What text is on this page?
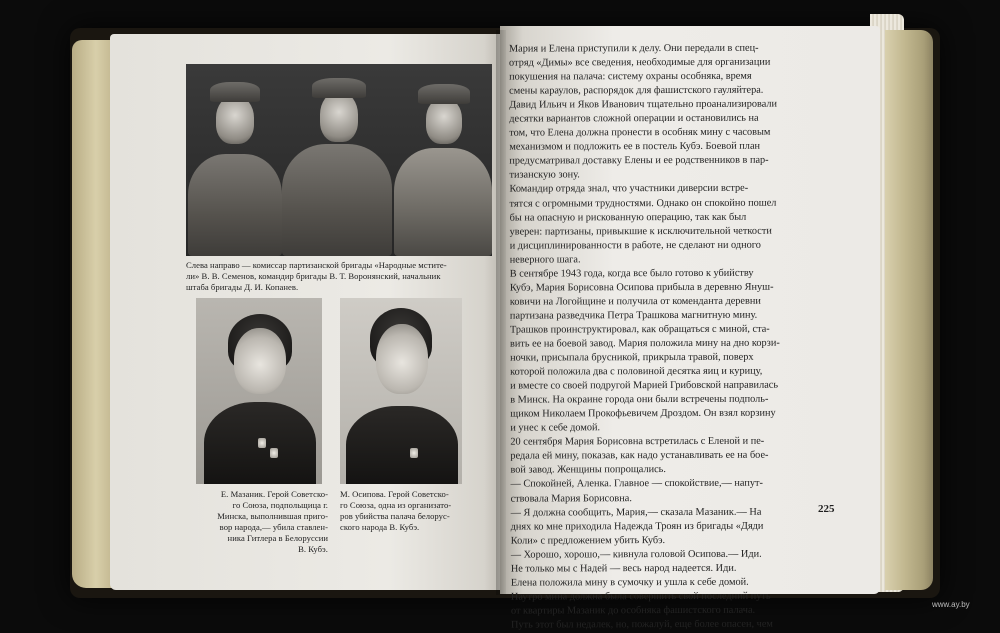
Слева направо — комиссар партизанской бригады «Народные мстите-

ли» В. В. Семенов, командир бригады В. Т. Воронянский, начальник

штаба бригады Д. И. Копанев.

Е. Мазаник. Герой Советско-

го Союза, подпольщица г.

Минска, выполнившая приго-

вор народа,— убила ставлен-

ника Гитлера в Белоруссии

В. Кубэ.

М. Осипова. Герой Советско-

го Союза, одна из организато-

ров убийства палача белорус-

ского народа В. Кубэ.

Мария и Елена приступили к делу. Они передали в спец-
отряд «Димы» все сведения, необходимые для организации
покушения на палача: систему охраны особняка, время
смены караулов, распорядок для фашистского гауляйтера.
Давид Ильич и Яков Иванович тщательно проанализировали
десятки вариантов сложной операции и остановились на
том, что Елена должна пронести в особняк мину с часовым
механизмом и подложить ее в постель Кубэ. Боевой план
предусматривал доставку Елены и ее родственников в пар-
тизанскую зону.
Командир отряда знал, что участники диверсии встре-
тятся с огромными трудностями. Однако он спокойно пошел
бы на опасную и рискованную операцию, так как был
уверен: партизаны, привыкшие к исключительной четкости
и дисциплинированности в работе, не сделают ни одного
неверного шага.
В сентябре 1943 года, когда все было готово к убийству
Кубэ, Мария Борисовна Осипова прибыла в деревню Януш-
ковичи на Логойщине и получила от коменданта деревни
партизана разведчика Петра Трашкова магнитную мину.
Трашков проинструктировал, как обращаться с миной, ста-
вить ее на боевой завод. Мария положила мину на дно корзи-
ночки, присыпала брусникой, прикрыла травой, поверх
которой положила два с половиной десятка яиц и курицу,
и вместе со своей подругой Марией Грибовской направилась
в Минск. На окраине города они были встречены подполь-
щиком Николаем Прокофьевичем Дроздом. Он взял корзину
и унес к себе домой.
20 сентября Мария Борисовна встретилась с Еленой и пе-
редала ей мину, показав, как надо устанавливать ее на бое-
вой завод. Женщины попрощались.
— Спокойней, Аленка. Главное — спокойствие,— напут-
ствовала Мария Борисовна.
— Я должна сообщить, Мария,— сказала Мазаник.— На
днях ко мне приходила Надежда Троян из бригады «Дяди
Коли» с предложением убить Кубэ.
— Хорошо, хорошо,— кивнула головой Осипова.— Иди.
Не только мы с Надей — весь народ надеется. Иди.
Елена положила мину в сумочку и ушла к себе домой.
Наутро мина должна была совершить свой последний путь
от квартиры Мазаник до особняка фашистского палача.
Путь этот был недалек, но, пожалуй, еще более опасен, чем
225
www.ay.by
